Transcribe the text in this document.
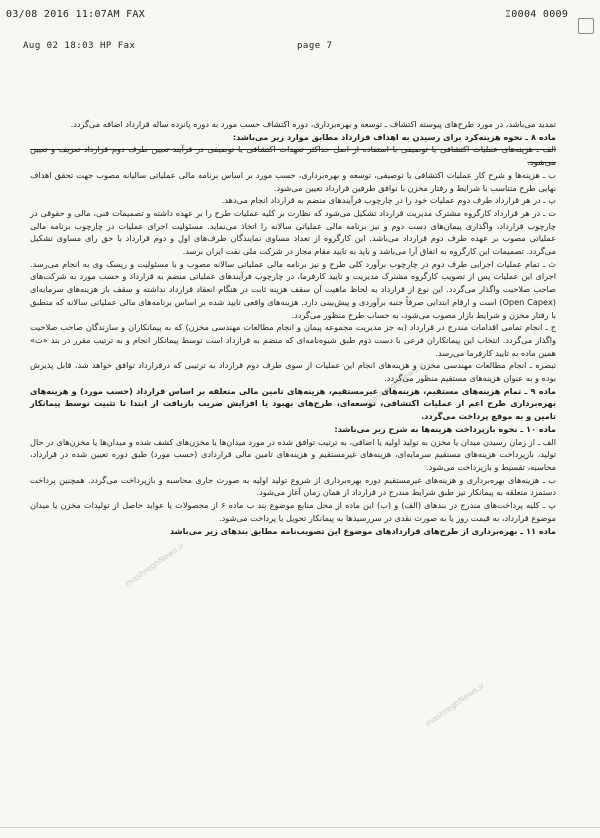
03/08 2016 11:07AM FAX	⑄0004 0009
Aug 02 18:03 HP Fax	page 7
mashreghNews.ir
mashreghNews.ir
mashreghNews.ir

تمدید می‌باشد، در مورد طرح‌های پیوسته اکتشاف ـ توسعه و بهره‌برداری، دوره اکتشاف حسب مورد به دوره پانزده ساله قرارداد اضافه می‌گردد.

ماده ۸ ـ نحوه هزینه‌کرد برای رسیدن به اهداف قرارداد مطابق موارد زیر می‌باشد:

الف ـ هزینه‌های عملیات اکتشافی یا توصیفی با استفاده از اصل حداکثر تعهدات اکتشافی یا توصیفی در فرآیند تعیین طرف دوم قرارداد تعریف و تعیین می‌شود.

ب ـ هزینه‌ها و شرح کار عملیات اکتشافی یا توصیفی، توسعه و بهره‌برداری، حسب مورد بر اساس برنامه مالی عملیاتی سالیانه مصوب جهت تحقق اهداف نهایی طرح متناسب با شرایط و رفتار مخزن با توافق طرفین قرارداد تعیین می‌شود.

پ ـ در هر قرارداد طرف دوم عملیات خود را در چارچوب فرآیندهای منضم به قرارداد انجام می‌دهد.

ت ـ در هر قرارداد کارگروه مشترک مدیریت قرارداد تشکیل می‌شود که نظارت بر کلیه عملیات طرح را بر عهده داشته و تصمیمات فنی، مالی و حقوقی در چارچوب قرارداد، واگذاری پیمان‌های دست دوم و نیز برنامه مالی عملیاتی سالانه را اتخاذ می‌نماید. مسئولیت اجرای عملیات در چارچوب برنامه مالی عملیاتی مصوب بر عهده طرف دوم قرارداد می‌باشد. این کارگروه از تعداد مساوی نمایندگان طرف‌های اول و دوم قرارداد با حق رای مساوی تشکیل می‌گردد. تصمیمات این کارگروه به اتفاق آرا می‌باشد و باید به تایید مقام مجاز در شرکت ملی نفت ایران برسد.

ث ـ تمام عملیات اجرایی طرف دوم در چارچوب برآورد کلی طرح و نیز برنامه مالی عملیاتی سالانه مصوب و با مسئولیت و ریسک وی به انجام می‌رسد. اجرای این عملیات پس از تصویب کارگروه مشترک مدیریت و تایید کارفرما، در چارچوب فرآیندهای عملیاتی منضم به قرارداد و حسب مورد به شرکت‌های صاحب صلاحیت واگذار می‌گردد. این نوع از قرارداد به لحاظ ماهیت آن سقف هزینه ثابت در هنگام انعقاد قرارداد نداشته و سقف باز هزینه‌های سرمایه‌ای (Open Capex) است و ارقام ابتدایی صرفاً جنبه برآوردی و پیش‌بینی دارد. هزینه‌های واقعی تایید شده بر اساس برنامه‌های مالی عملیاتی سالانه که منطبق با رفتار مخزن و شرایط بازار مصوب می‌شود، به حساب طرح منظور می‌گردد.

ج ـ انجام تمامی اقدامات مندرج در قرارداد (به جز مدیریت مجموعه پیمان و انجام مطالعات مهندسی مخزن) که به پیمانکاران و سازندگان صاحب صلاحیت واگذار می‌گردد. انتخاب این پیمانکاران فرعی با دست دوم طبق شیوه‌نامه‌ای که منضم به قرارداد است توسط پیمانکار انجام و به ترتیب مقرر در بند «ت» همین ماده به تایید کارفرما می‌رسد.

تبصره ـ انجام مطالعات مهندسی مخزن و هزینه‌های انجام این عملیات از سوی طرف دوم قرارداد به ترتیبی که درقرارداد توافق خواهد شد، قابل پذیرش بوده و به عنوان هزینه‌های مستقیم منظور می‌گردد.

ماده ۹ ـ تمام هزینه‌های مستقیم، هزینه‌های غیرمستقیم، هزینه‌های تامین مالی متعلقه بر اساس قرارداد (حسب مورد) و هزینه‌های بهره‌برداری طرح اعم از عملیات اکتشافی، توسعه‌ای، طرح‌های بهبود یا افزایش ضریب بازیافت از ابتدا تا تثبیت توسط پیمانکار تامین و به موقع پرداخت می‌گردد.

ماده ۱۰ ـ نحوه بازپرداخت هزینه‌ها به شرح زیر می‌باشد:

الف ـ از زمان رسیدن میدان یا مخزن به تولید اولیه یا اضافی، به ترتیب توافق شده در مورد میدان‌ها یا مخزن‌های کشف شده و میدان‌ها یا مخزن‌های در حال تولید، بازپرداخت هزینه‌های مستقیم سرمایه‌ای، هزینه‌های غیرمستقیم و هزینه‌های تامین مالی قراردادی (حسب مورد) طبق دوره تعیین شده در قرارداد، محاسبه، تقسیط و بازپرداخت می‌شود.

ب ـ هزینه‌های بهره‌برداری و هزینه‌های غیرمستقیم دوره بهره‌برداری از شروع تولید اولیه به صورت جاری محاسبه و بازپرداخت می‌گردد. همچنین پرداخت دستمزد متعلقه به پیمانکار نیز طبق شرایط مندرج در قرارداد از همان زمان آغاز می‌شود.

پ ـ کلیه پرداخت‌های مندرج در بندهای (الف) و (ب) این ماده از محل منابع موضوع بند ب ماده ۶ از محصولات یا عواید حاصل از تولیدات مخزن یا میدان موضوع قرارداد، به قیمت روز یا به صورت نقدی در سررسیدها به پیمانکار تحویل یا پرداخت می‌شود.

ماده ۱۱ ـ بهره‌برداری از طرح‌های قراردادهای موضوع این تصویب‌نامه مطابق بندهای زیر می‌باشد
